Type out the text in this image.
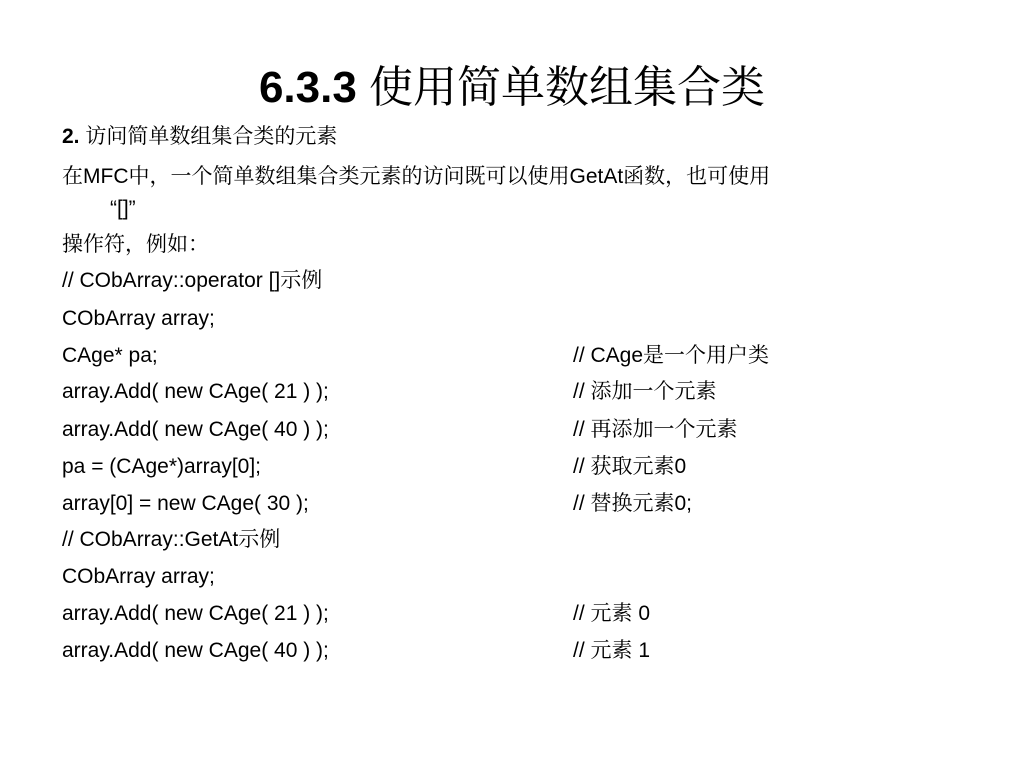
6.3.3 使用简单数组集合类
2. 访问简单数组集合类的元素
在MFC中，一个简单数组集合类元素的访问既可以使用GetAt函数，也可使用
“[]”
操作符，例如：
// CObArray::operator []示例
CObArray array;
CAge* pa;	// CAge是一个用户类
array.Add( new CAge( 21 ) );	// 添加一个元素
array.Add( new CAge( 40 ) );	// 再添加一个元素
pa = (CAge*)array[0];	// 获取元素0
array[0] = new CAge( 30 );	// 替换元素0;
// CObArray::GetAt示例
CObArray array;
array.Add( new CAge( 21 ) );	// 元素 0
array.Add( new CAge( 40 ) );	// 元素 1
